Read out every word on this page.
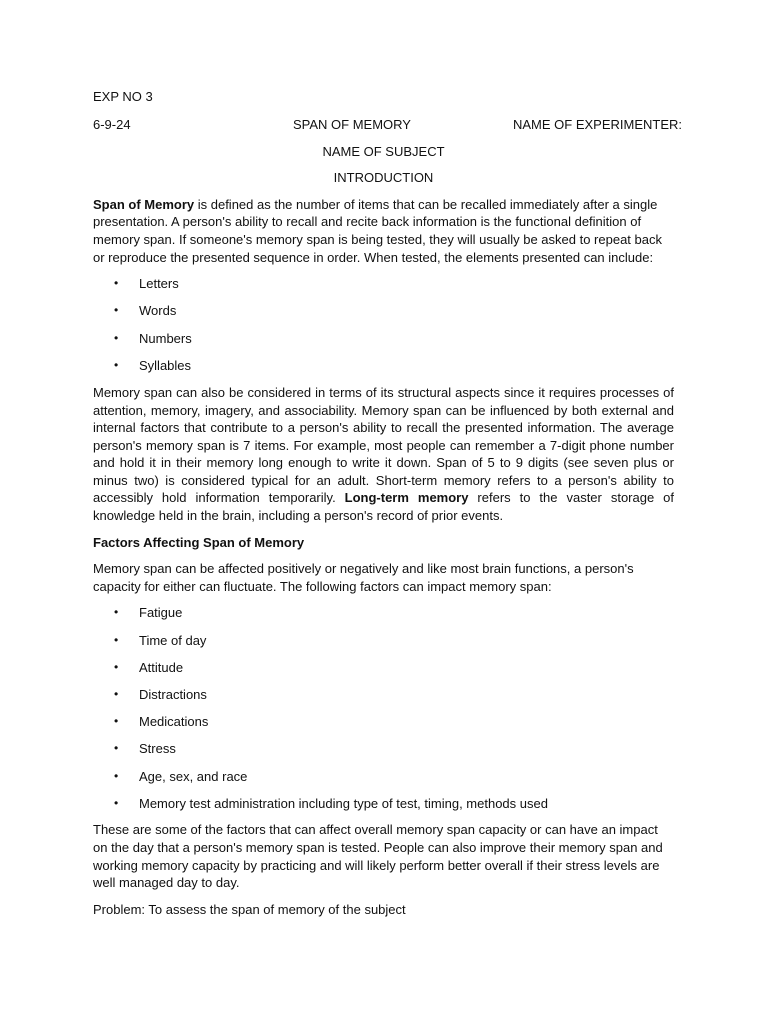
EXP NO 3
6-9-24	SPAN OF MEMORY	NAME OF EXPERIMENTER:
NAME OF SUBJECT
INTRODUCTION

Span of Memory is defined as the number of items that can be recalled immediately after a single presentation. A person's ability to recall and recite back information is the functional definition of memory span. If someone's memory span is being tested, they will usually be asked to repeat back or reproduce the presented sequence in order. When tested, the elements presented can include:

• Letters
• Words
• Numbers
• Syllables

Memory span can also be considered in terms of its structural aspects since it requires processes of attention, memory, imagery, and associability. Memory span can be influenced by both external and internal factors that contribute to a person's ability to recall the presented information. The average person's memory span is 7 items. For example, most people can remember a 7-digit phone number and hold it in their memory long enough to write it down. Span of 5 to 9 digits (see seven plus or minus two) is considered typical for an adult. Short-term memory refers to a person's ability to accessibly hold information temporarily. Long-term memory refers to the vaster storage of knowledge held in the brain, including a person's record of prior events.

Factors Affecting Span of Memory

Memory span can be affected positively or negatively and like most brain functions, a person's capacity for either can fluctuate. The following factors can impact memory span:

• Fatigue
• Time of day
• Attitude
• Distractions
• Medications
• Stress
• Age, sex, and race
• Memory test administration including type of test, timing, methods used

These are some of the factors that can affect overall memory span capacity or can have an impact on the day that a person's memory span is tested. People can also improve their memory span and working memory capacity by practicing and will likely perform better overall if their stress levels are well managed day to day.

Problem: To assess the span of memory of the subject
